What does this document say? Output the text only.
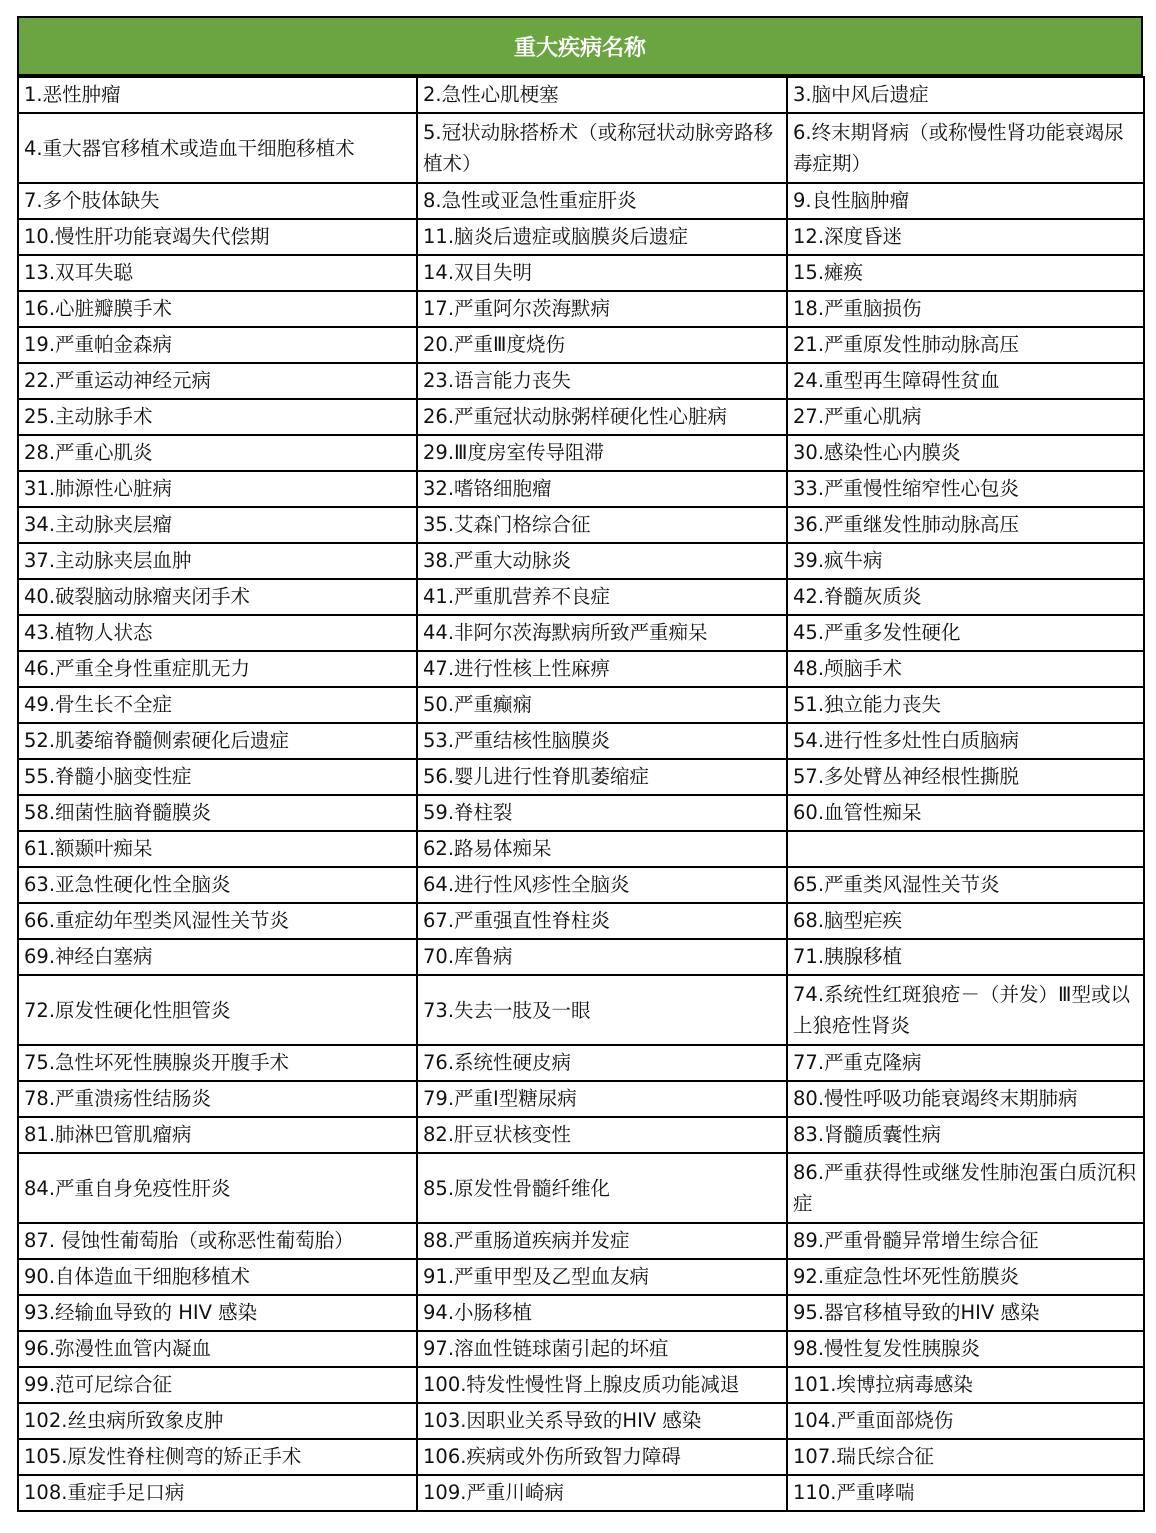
重大疾病名称
1.恶性肿瘤	2.急性心肌梗塞	3.脑中风后遗症
4.重大器官移植术或造血干细胞移植术	5.冠状动脉搭桥术（或称冠状动脉旁路移植术）	6.终末期肾病（或称慢性肾功能衰竭尿毒症期）
7.多个肢体缺失	8.急性或亚急性重症肝炎	9.良性脑肿瘤
10.慢性肝功能衰竭失代偿期	11.脑炎后遗症或脑膜炎后遗症	12.深度昏迷
13.双耳失聪	14.双目失明	15.瘫痪
16.心脏瓣膜手术	17.严重阿尔茨海默病	18.严重脑损伤
19.严重帕金森病	20.严重Ⅲ度烧伤	21.严重原发性肺动脉高压
22.严重运动神经元病	23.语言能力丧失	24.重型再生障碍性贫血
25.主动脉手术	26.严重冠状动脉粥样硬化性心脏病	27.严重心肌病
28.严重心肌炎	29.Ⅲ度房室传导阻滞	30.感染性心内膜炎
31.肺源性心脏病	32.嗜铬细胞瘤	33.严重慢性缩窄性心包炎
34.主动脉夹层瘤	35.艾森门格综合征	36.严重继发性肺动脉高压
37.主动脉夹层血肿	38.严重大动脉炎	39.疯牛病
40.破裂脑动脉瘤夹闭手术	41.严重肌营养不良症	42.脊髓灰质炎
43.植物人状态	44.非阿尔茨海默病所致严重痴呆	45.严重多发性硬化
46.严重全身性重症肌无力	47.进行性核上性麻痹	48.颅脑手术
49.骨生长不全症	50.严重癫痫	51.独立能力丧失
52.肌萎缩脊髓侧索硬化后遗症	53.严重结核性脑膜炎	54.进行性多灶性白质脑病
55.脊髓小脑变性症	56.婴儿进行性脊肌萎缩症	57.多处臂丛神经根性撕脱
58.细菌性脑脊髓膜炎	59.脊柱裂	60.血管性痴呆
61.额颞叶痴呆	62.路易体痴呆	
63.亚急性硬化性全脑炎	64.进行性风疹性全脑炎	65.严重类风湿性关节炎
66.重症幼年型类风湿性关节炎	67.严重强直性脊柱炎	68.脑型疟疾
69.神经白塞病	70.库鲁病	71.胰腺移植
72.原发性硬化性胆管炎	73.失去一肢及一眼	74.系统性红斑狼疮－（并发）Ⅲ型或以上狼疮性肾炎
75.急性坏死性胰腺炎开腹手术	76.系统性硬皮病	77.严重克隆病
78.严重溃疡性结肠炎	79.严重Ⅰ型糖尿病	80.慢性呼吸功能衰竭终末期肺病
81.肺淋巴管肌瘤病	82.肝豆状核变性	83.肾髓质囊性病
84.严重自身免疫性肝炎	85.原发性骨髓纤维化	86.严重获得性或继发性肺泡蛋白质沉积症
87. 侵蚀性葡萄胎（或称恶性葡萄胎）	88.严重肠道疾病并发症	89.严重骨髓异常增生综合征
90.自体造血干细胞移植术	91.严重甲型及乙型血友病	92.重症急性坏死性筋膜炎
93.经输血导致的 HIV 感染	94.小肠移植	95.器官移植导致的HIV 感染
96.弥漫性血管内凝血	97.溶血性链球菌引起的坏疽	98.慢性复发性胰腺炎
99.范可尼综合征	100.特发性慢性肾上腺皮质功能减退	101.埃博拉病毒感染
102.丝虫病所致象皮肿	103.因职业关系导致的HIV 感染	104.严重面部烧伤
105.原发性脊柱侧弯的矫正手术	106.疾病或外伤所致智力障碍	107.瑞氏综合征
108.重症手足口病	109.严重川崎病	110.严重哮喘
